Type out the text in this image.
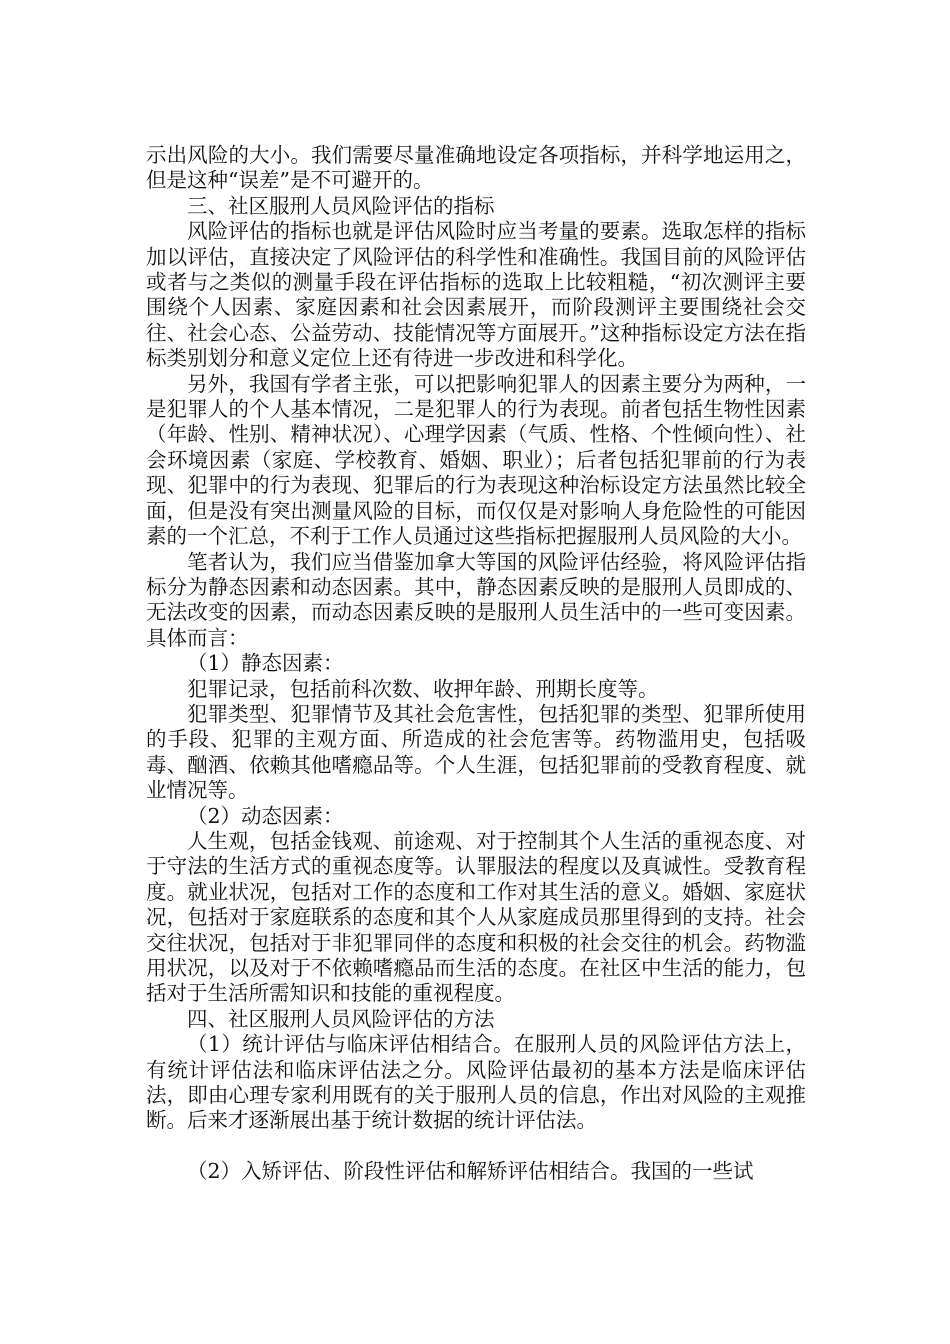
示出风险的大小。我们需要尽量准确地设定各项指标，并科学地运用之，但是这种“误差”是不可避开的。

三、社区服刑人员风险评估的指标

风险评估的指标也就是评估风险时应当考量的要素。选取怎样的指标加以评估，直接决定了风险评估的科学性和准确性。我国目前的风险评估或者与之类似的测量手段在评估指标的选取上比较粗糙，“初次测评主要围绕个人因素、家庭因素和社会因素展开，而阶段测评主要围绕社会交往、社会心态、公益劳动、技能情况等方面展开。”这种指标设定方法在指标类别划分和意义定位上还有待进一步改进和科学化。

另外，我国有学者主张，可以把影响犯罪人的因素主要分为两种，一是犯罪人的个人基本情况，二是犯罪人的行为表现。前者包括生物性因素（年龄、性别、精神状况）、心理学因素（气质、性格、个性倾向性）、社会环境因素（家庭、学校教育、婚姻、职业）；后者包括犯罪前的行为表现、犯罪中的行为表现、犯罪后的行为表现这种治标设定方法虽然比较全面，但是没有突出测量风险的目标，而仅仅是对影响人身危险性的可能因素的一个汇总，不利于工作人员通过这些指标把握服刑人员风险的大小。

笔者认为，我们应当借鉴加拿大等国的风险评估经验，将风险评估指标分为静态因素和动态因素。其中，静态因素反映的是服刑人员即成的、无法改变的因素，而动态因素反映的是服刑人员生活中的一些可变因素。具体而言：

（1）静态因素：

犯罪记录，包括前科次数、收押年龄、刑期长度等。

犯罪类型、犯罪情节及其社会危害性，包括犯罪的类型、犯罪所使用的手段、犯罪的主观方面、所造成的社会危害等。药物滥用史，包括吸毒、酗酒、依赖其他嗜瘾品等。个人生涯，包括犯罪前的受教育程度、就业情况等。

（2）动态因素：

人生观，包括金钱观、前途观、对于控制其个人生活的重视态度、对于守法的生活方式的重视态度等。认罪服法的程度以及真诚性。受教育程度。就业状况，包括对工作的态度和工作对其生活的意义。婚姻、家庭状况，包括对于家庭联系的态度和其个人从家庭成员那里得到的支持。社会交往状况，包括对于非犯罪同伴的态度和积极的社会交往的机会。药物滥用状况，以及对于不依赖嗜瘾品而生活的态度。在社区中生活的能力，包括对于生活所需知识和技能的重视程度。

四、社区服刑人员风险评估的方法

（1）统计评估与临床评估相结合。在服刑人员的风险评估方法上，有统计评估法和临床评估法之分。风险评估最初的基本方法是临床评估法，即由心理专家利用既有的关于服刑人员的信息，作出对风险的主观推断。后来才逐渐展出基于统计数据的统计评估法。

（2）入矫评估、阶段性评估和解矫评估相结合。我国的一些试
